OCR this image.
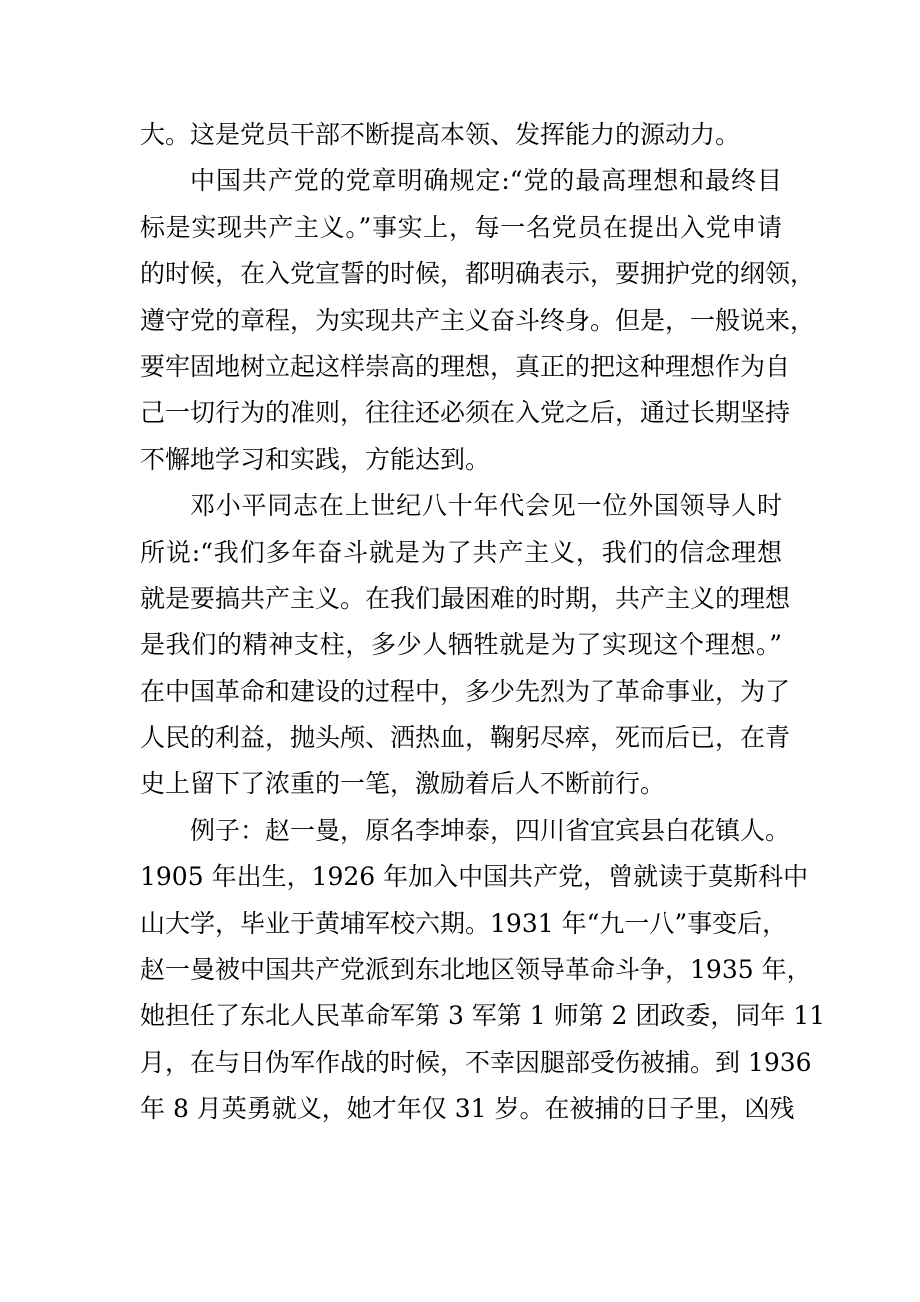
大。这是党员干部不断提高本领、发挥能力的源动力。
中国共产党的党章明确规定:“党的最高理想和最终目
标是实现共产主义。”事实上，每一名党员在提出入党申请
的时候，在入党宣誓的时候，都明确表示，要拥护党的纲领，
遵守党的章程，为实现共产主义奋斗终身。但是，一般说来，
要牢固地树立起这样崇高的理想，真正的把这种理想作为自
己一切行为的准则，往往还必须在入党之后，通过长期坚持
不懈地学习和实践，方能达到。
邓小平同志在上世纪八十年代会见一位外国领导人时
所说:“我们多年奋斗就是为了共产主义，我们的信念理想
就是要搞共产主义。在我们最困难的时期，共产主义的理想
是我们的精神支柱，多少人牺牲就是为了实现这个理想。”
在中国革命和建设的过程中，多少先烈为了革命事业，为了
人民的利益，抛头颅、洒热血，鞠躬尽瘁，死而后已，在青
史上留下了浓重的一笔，激励着后人不断前行。
例子：赵一曼，原名李坤泰，四川省宜宾县白花镇人。
1905 年出生，1926 年加入中国共产党，曾就读于莫斯科中
山大学，毕业于黄埔军校六期。1931 年“九一八”事变后，
赵一曼被中国共产党派到东北地区领导革命斗争，1935 年，
她担任了东北人民革命军第 3 军第 1 师第 2 团政委，同年 11
月，在与日伪军作战的时候，不幸因腿部受伤被捕。到 1936
年 8 月英勇就义，她才年仅 31 岁。在被捕的日子里，凶残
